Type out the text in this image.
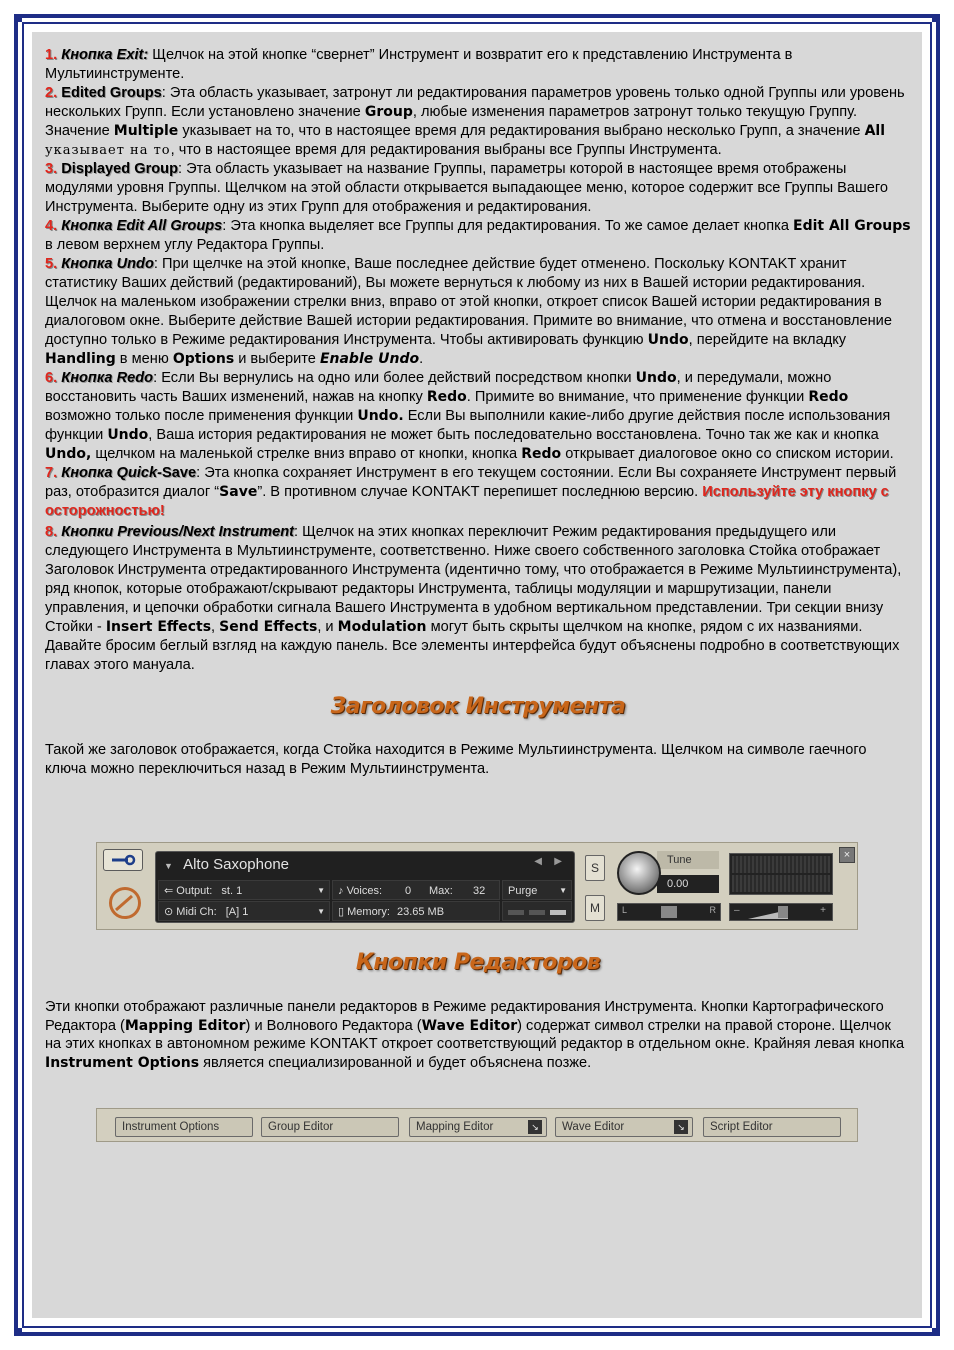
1. Кнопка Exit: Щелчок на этой кнопке “свернет” Инструмент и возвратит его к представлению Инструмента в Мультиинструменте.

2. Edited Groups: Эта область указывает, затронут ли редактирования параметров уровень только одной Группы или уровень нескольких Групп. Если установлено значение Group, любые изменения параметров затронут только текущую Группу. Значение Multiple указывает на то, что в настоящее время для редактирования выбрано несколько Групп, а значение All указывает на то, что в настоящее время для редактирования выбраны все Группы Инструмента.

3. Displayed Group: Эта область указывает на название Группы, параметры которой в настоящее время отображены модулями уровня Группы. Щелчком на этой области открывается выпадающее меню, которое содержит все Группы Вашего Инструмента. Выберите одну из этих Групп для отображения и редактирования.

4. Кнопка Edit All Groups: Эта кнопка выделяет все Группы для редактирования. То же самое делает кнопка Edit All Groups в левом верхнем углу Редактора Группы.

5. Кнопка Undo: При щелчке на этой кнопке, Ваше последнее действие будет отменено. Поскольку KONTAKT хранит статистику Ваших действий (редактирований), Вы можете вернуться к любому из них в Вашей истории редактирования. Щелчок на маленьком изображении стрелки вниз, вправо от этой кнопки, откроет список Вашей истории редактирования в диалоговом окне. Выберите действие Вашей истории редактирования. Примите во внимание, что отмена и восстановление доступно только в Режиме редактирования Инструмента. Чтобы активировать функцию Undo, перейдите на вкладку Handling в меню Options и выберите Enable Undo.

6. Кнопка Redo: Если Вы вернулись на одно или более действий посредством кнопки Undo, и передумали, можно восстановить часть Ваших изменений, нажав на кнопку Redo. Примите во внимание, что применение функции Redo возможно только после применения функции Undo. Если Вы выполнили какие-либо другие действия после использования функции Undo, Ваша история редактирования не может быть последовательно восстановлена. Точно так же как и кнопка Undo, щелчком на маленькой стрелке вниз вправо от кнопки, кнопка Redo открывает диалоговое окно со списком истории.

7. Кнопка Quick-Save: Эта кнопка сохраняет Инструмент в его текущем состоянии. Если Вы сохраняете Инструмент первый раз, отобразится диалог “Save”. В противном случае KONTAKT перепишет последнюю версию. Используйте эту кнопку с осторожностью!

8. Кнопки Previous/Next Instrument: Щелчок на этих кнопках переключит Режим редактирования предыдущего или следующего Инструмента в Мультиинструменте, соответственно. Ниже своего собственного заголовка Стойка отображает Заголовок Инструмента отредактированного Инструмента (идентично тому, что отображается в Режиме Мультиинструмента), ряд кнопок, которые отображают/скрывают редакторы Инструмента, таблицы модуляции и маршрутизации, панели управления, и цепочки обработки сигнала Вашего Инструмента в удобном вертикальном представлении. Три секции внизу Стойки - Insert Effects, Send Effects, и Modulation могут быть скрыты щелчком на кнопке, рядом с их названиями. Давайте бросим беглый взгляд на каждую панель. Все элементы интерфейса будут объяснены подробно в соответствующих главах этого мануала.

Заголовок Инструмента

Такой же заголовок отображается, когда Стойка находится в Режиме Мультиинструмента. Щелчком на символе гаечного ключа можно переключиться назад в Режим Мультиинструмента.

▼ Alto Saxophone	◀ ▶
⇐ Output: st. 1	▼	♪ Voices: 0 Max: 32	Purge	▼
⊙ Midi Ch: [A] 1	▼	▯ Memory: 23.65 MB

S
M
Tune
0.00
×
L	R –	+
Кнопки Редакторов

Эти кнопки отображают различные панели редакторов в Режиме редактирования Инструмента. Кнопки Картографического Редактора (Mapping Editor) и Волнового Редактора (Wave Editor) содержат символ стрелки на правой стороне. Щелчок на этих кнопках в автономном режиме KONTAKT откроет соответствующий редактор в отдельном окне. Крайняя левая кнопка Instrument Options является специализированной и будет объяснена позже.

Instrument Options	Group Editor	Mapping Editor	↘	Wave Editor	↘	Script Editor
